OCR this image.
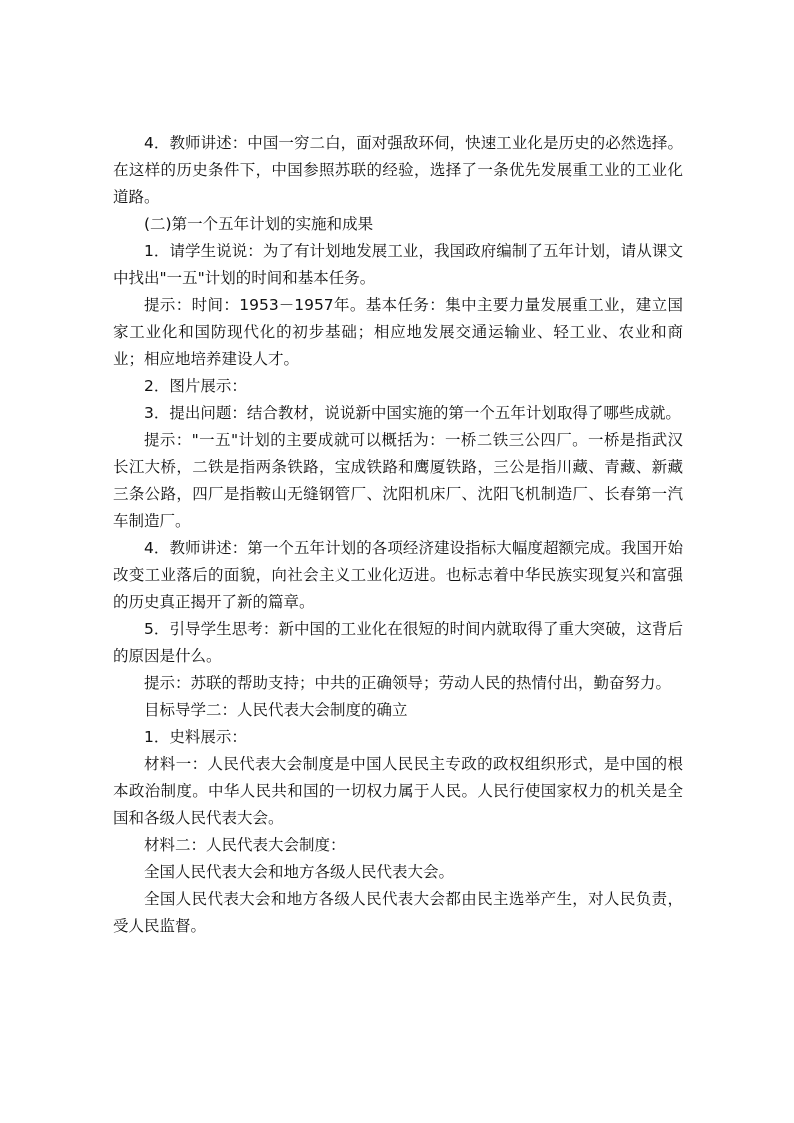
4．教师讲述：中国一穷二白，面对强敌环伺，快速工业化是历史的必然选择。在这样的历史条件下，中国参照苏联的经验，选择了一条优先发展重工业的工业化道路。

(二)第一个五年计划的实施和成果

1．请学生说说：为了有计划地发展工业，我国政府编制了五年计划，请从课文中找出"一五"计划的时间和基本任务。

提示：时间：1953－1957年。基本任务：集中主要力量发展重工业，建立国家工业化和国防现代化的初步基础；相应地发展交通运输业、轻工业、农业和商业；相应地培养建设人才。

2．图片展示：

3．提出问题：结合教材，说说新中国实施的第一个五年计划取得了哪些成就。

提示："一五"计划的主要成就可以概括为：一桥二铁三公四厂。一桥是指武汉长江大桥，二铁是指两条铁路，宝成铁路和鹰厦铁路，三公是指川藏、青藏、新藏三条公路，四厂是指鞍山无缝钢管厂、沈阳机床厂、沈阳飞机制造厂、长春第一汽车制造厂。

4．教师讲述：第一个五年计划的各项经济建设指标大幅度超额完成。我国开始改变工业落后的面貌，向社会主义工业化迈进。也标志着中华民族实现复兴和富强的历史真正揭开了新的篇章。

5．引导学生思考：新中国的工业化在很短的时间内就取得了重大突破，这背后的原因是什么。

提示：苏联的帮助支持；中共的正确领导；劳动人民的热情付出，勤奋努力。

目标导学二：人民代表大会制度的确立

1．史料展示：

材料一：人民代表大会制度是中国人民民主专政的政权组织形式，是中国的根本政治制度。中华人民共和国的一切权力属于人民。人民行使国家权力的机关是全国和各级人民代表大会。

材料二：人民代表大会制度：

全国人民代表大会和地方各级人民代表大会。

全国人民代表大会和地方各级人民代表大会都由民主选举产生，对人民负责，受人民监督。
